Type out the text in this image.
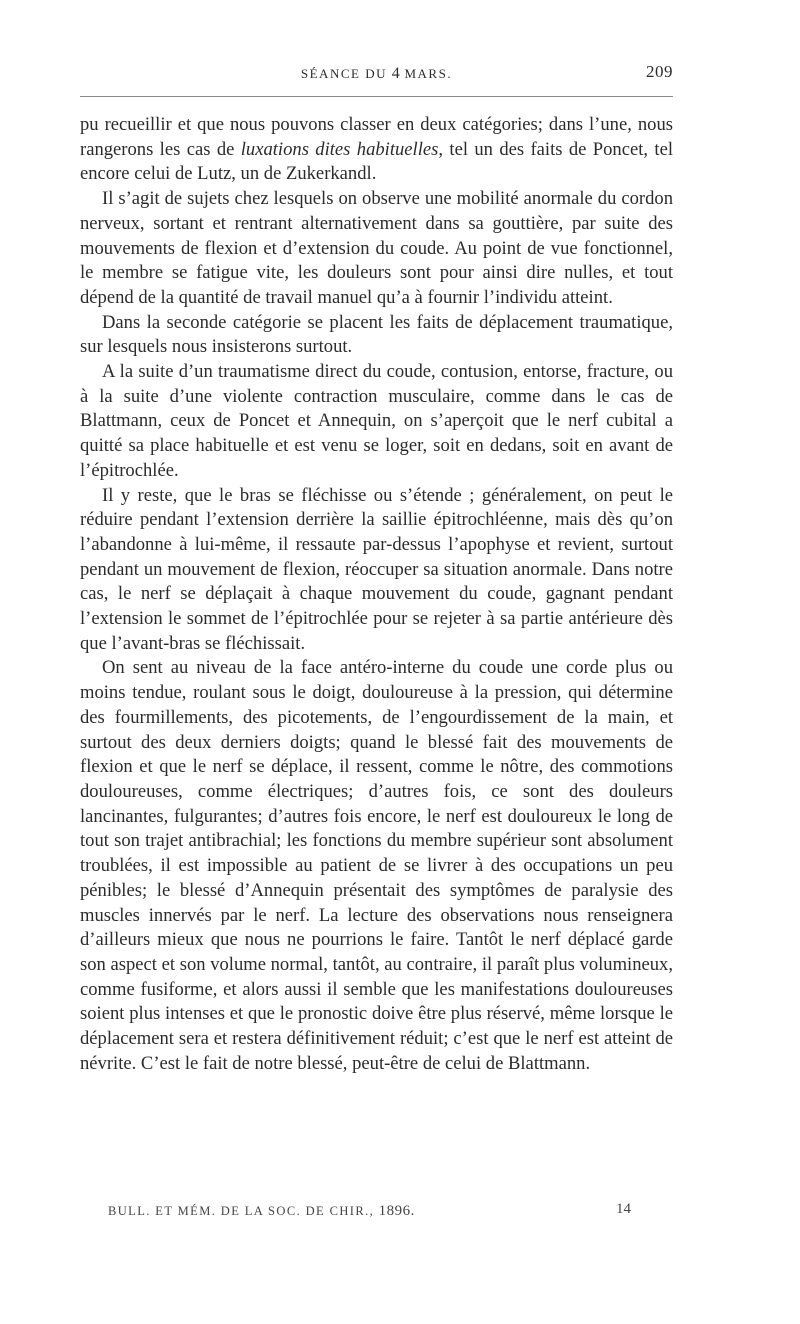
SÉANCE DU 4 MARS.	209

pu recueillir et que nous pouvons classer en deux catégories; dans l’une, nous rangerons les cas de luxations dites habituelles, tel un des faits de Poncet, tel encore celui de Lutz, un de Zukerkandl.

Il s’agit de sujets chez lesquels on observe une mobilité anormale du cordon nerveux, sortant et rentrant alternativement dans sa gouttière, par suite des mouvements de flexion et d’extension du coude. Au point de vue fonctionnel, le membre se fatigue vite, les douleurs sont pour ainsi dire nulles, et tout dépend de la quantité de travail manuel qu’a à fournir l’individu atteint.

Dans la seconde catégorie se placent les faits de déplacement traumatique, sur lesquels nous insisterons surtout.

A la suite d’un traumatisme direct du coude, contusion, entorse, fracture, ou à la suite d’une violente contraction musculaire, comme dans le cas de Blattmann, ceux de Poncet et Annequin, on s’aperçoit que le nerf cubital a quitté sa place habituelle et est venu se loger, soit en dedans, soit en avant de l’épitrochlée.

Il y reste, que le bras se fléchisse ou s’étende ; généralement, on peut le réduire pendant l’extension derrière la saillie épitrochléenne, mais dès qu’on l’abandonne à lui-même, il ressaute par-dessus l’apophyse et revient, surtout pendant un mouvement de flexion, réoccuper sa situation anormale. Dans notre cas, le nerf se déplaçait à chaque mouvement du coude, gagnant pendant l’extension le sommet de l’épitrochlée pour se rejeter à sa partie antérieure dès que l’avant-bras se fléchissait.

On sent au niveau de la face antéro-interne du coude une corde plus ou moins tendue, roulant sous le doigt, douloureuse à la pression, qui détermine des fourmillements, des picotements, de l’engourdissement de la main, et surtout des deux derniers doigts; quand le blessé fait des mouvements de flexion et que le nerf se déplace, il ressent, comme le nôtre, des commotions douloureuses, comme électriques; d’autres fois, ce sont des douleurs lancinantes, fulgurantes; d’autres fois encore, le nerf est douloureux le long de tout son trajet antibrachial; les fonctions du membre supérieur sont absolument troublées, il est impossible au patient de se livrer à des occupations un peu pénibles; le blessé d’Annequin présentait des symptômes de paralysie des muscles innervés par le nerf. La lecture des observations nous renseignera d’ailleurs mieux que nous ne pourrions le faire. Tantôt le nerf déplacé garde son aspect et son volume normal, tantôt, au contraire, il paraît plus volumineux, comme fusiforme, et alors aussi il semble que les manifestations douloureuses soient plus intenses et que le pronostic doive être plus réservé, même lorsque le déplacement sera et restera définitivement réduit; c’est que le nerf est atteint de névrite. C’est le fait de notre blessé, peut-être de celui de Blattmann.

BULL. ET MÉM. DE LA SOC. DE CHIR., 1896.	14
